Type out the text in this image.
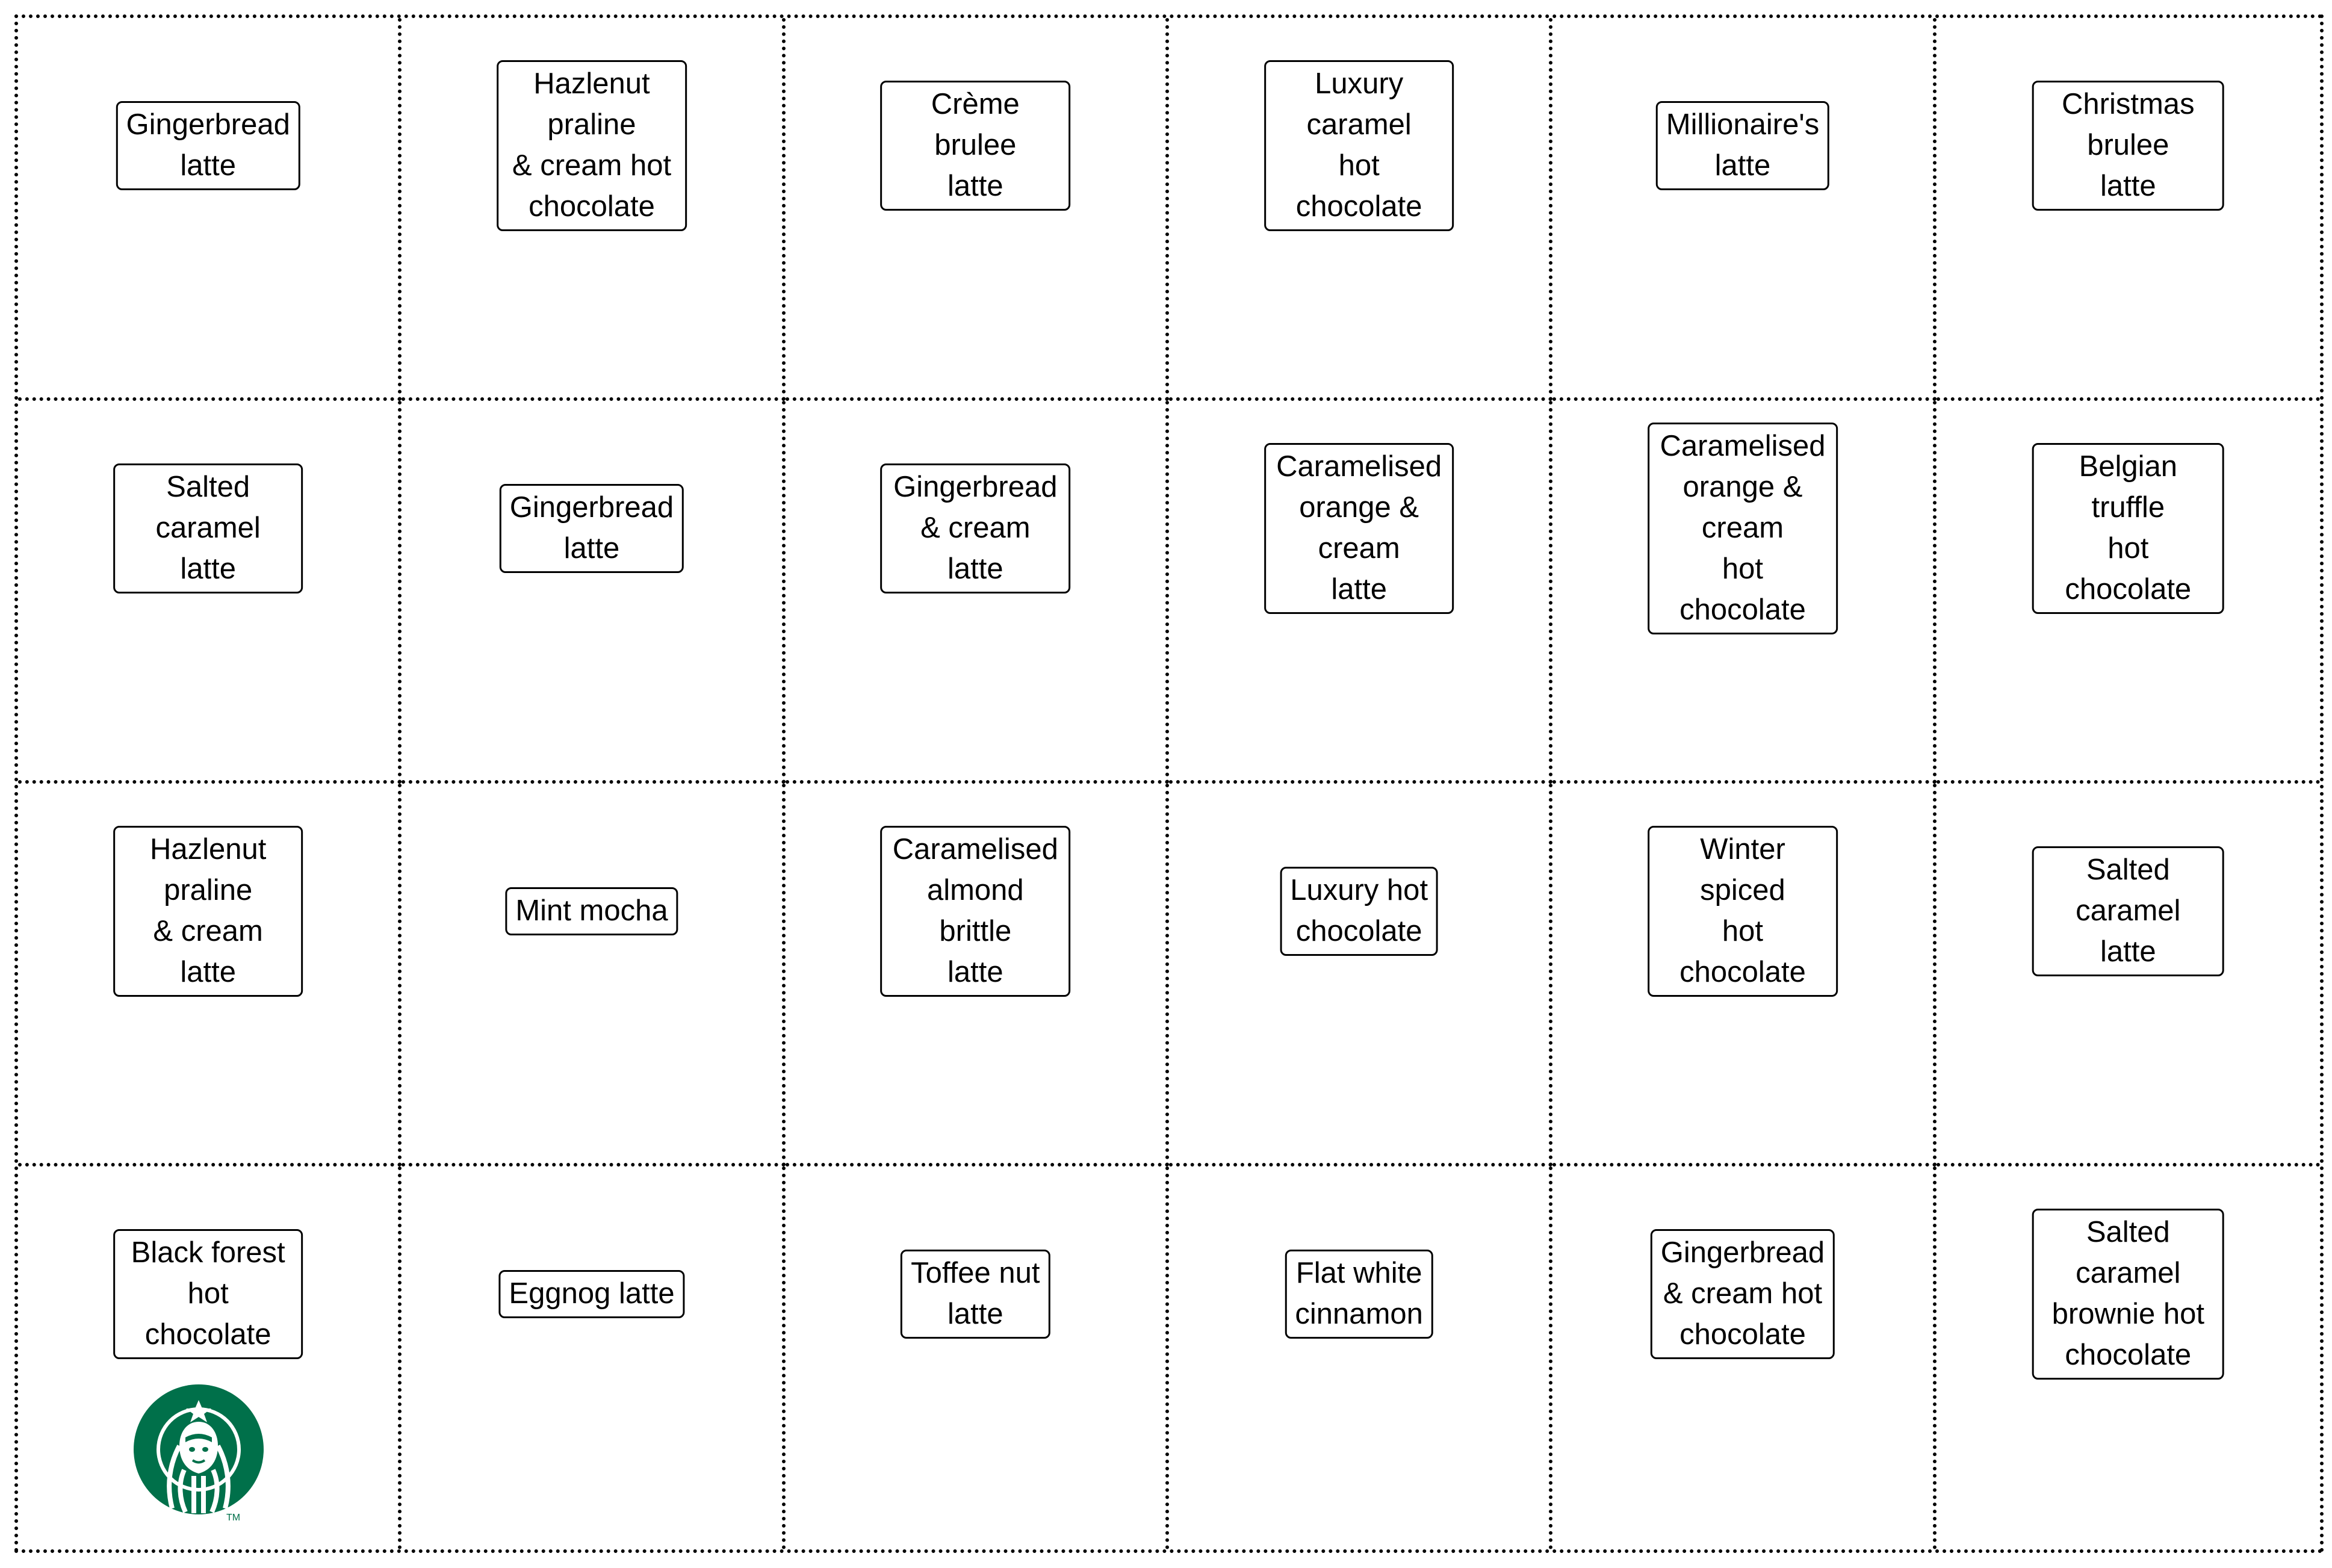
Gingerbread
latte
Hazlenut praline
& cream hot
chocolate
Crème brulee
latte
Luxury caramel
hot chocolate
Millionaire's
latte
Christmas brulee
latte
Salted caramel
latte
Gingerbread
latte
Gingerbread
& cream latte
Caramelised
orange & cream
latte
Caramelised
orange & cream
hot chocolate
Belgian truffle
hot chocolate
Hazlenut praline
& cream latte
Mint mocha
Caramelised
almond brittle
latte
Luxury hot
chocolate
Winter spiced
hot chocolate
Salted caramel
latte
Black forest
hot chocolate
Eggnog latte
Toffee nut
latte
Flat white
cinnamon
Gingerbread
& cream hot
chocolate
Salted caramel
brownie hot
chocolate
TM
